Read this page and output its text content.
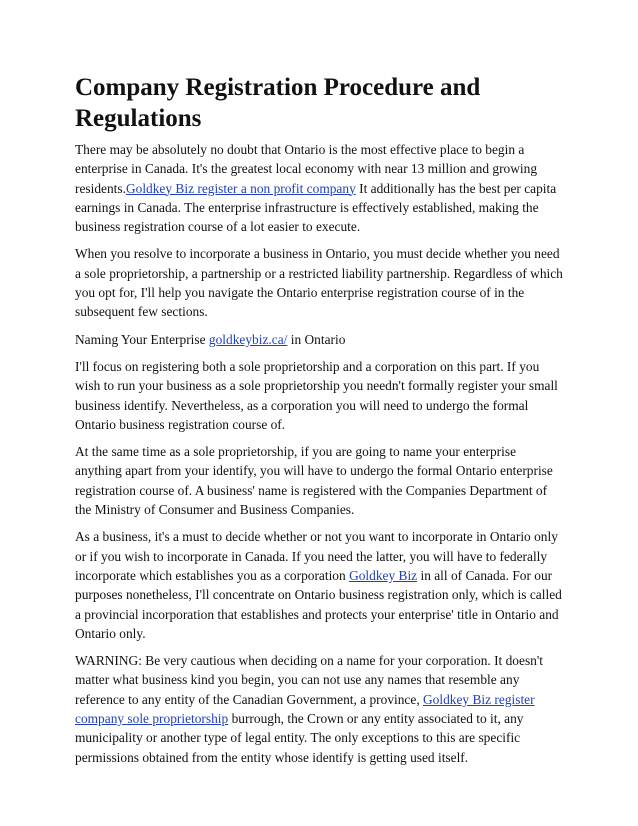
Company Registration Procedure and Regulations

There may be absolutely no doubt that Ontario is the most effective place to begin a enterprise in Canada. It's the greatest local economy with near 13 million and growing residents.Goldkey Biz register a non profit company It additionally has the best per capita earnings in Canada. The enterprise infrastructure is effectively established, making the business registration course of a lot easier to execute.

When you resolve to incorporate a business in Ontario, you must decide whether you need a sole proprietorship, a partnership or a restricted liability partnership. Regardless of which you opt for, I'll help you navigate the Ontario enterprise registration course of in the subsequent few sections.

Naming Your Enterprise goldkeybiz.ca/ in Ontario

I'll focus on registering both a sole proprietorship and a corporation on this part. If you wish to run your business as a sole proprietorship you needn't formally register your small business identify. Nevertheless, as a corporation you will need to undergo the formal Ontario business registration course of.

At the same time as a sole proprietorship, if you are going to name your enterprise anything apart from your identify, you will have to undergo the formal Ontario enterprise registration course of. A business' name is registered with the Companies Department of the Ministry of Consumer and Business Companies.

As a business, it's a must to decide whether or not you want to incorporate in Ontario only or if you wish to incorporate in Canada. If you need the latter, you will have to federally incorporate which establishes you as a corporation Goldkey Biz in all of Canada. For our purposes nonetheless, I'll concentrate on Ontario business registration only, which is called a provincial incorporation that establishes and protects your enterprise' title in Ontario and Ontario only.

WARNING: Be very cautious when deciding on a name for your corporation. It doesn't matter what business kind you begin, you can not use any names that resemble any reference to any entity of the Canadian Government, a province, Goldkey Biz register company sole proprietorship burrough, the Crown or any entity associated to it, any municipality or another type of legal entity. The only exceptions to this are specific permissions obtained from the entity whose identify is getting used itself.
